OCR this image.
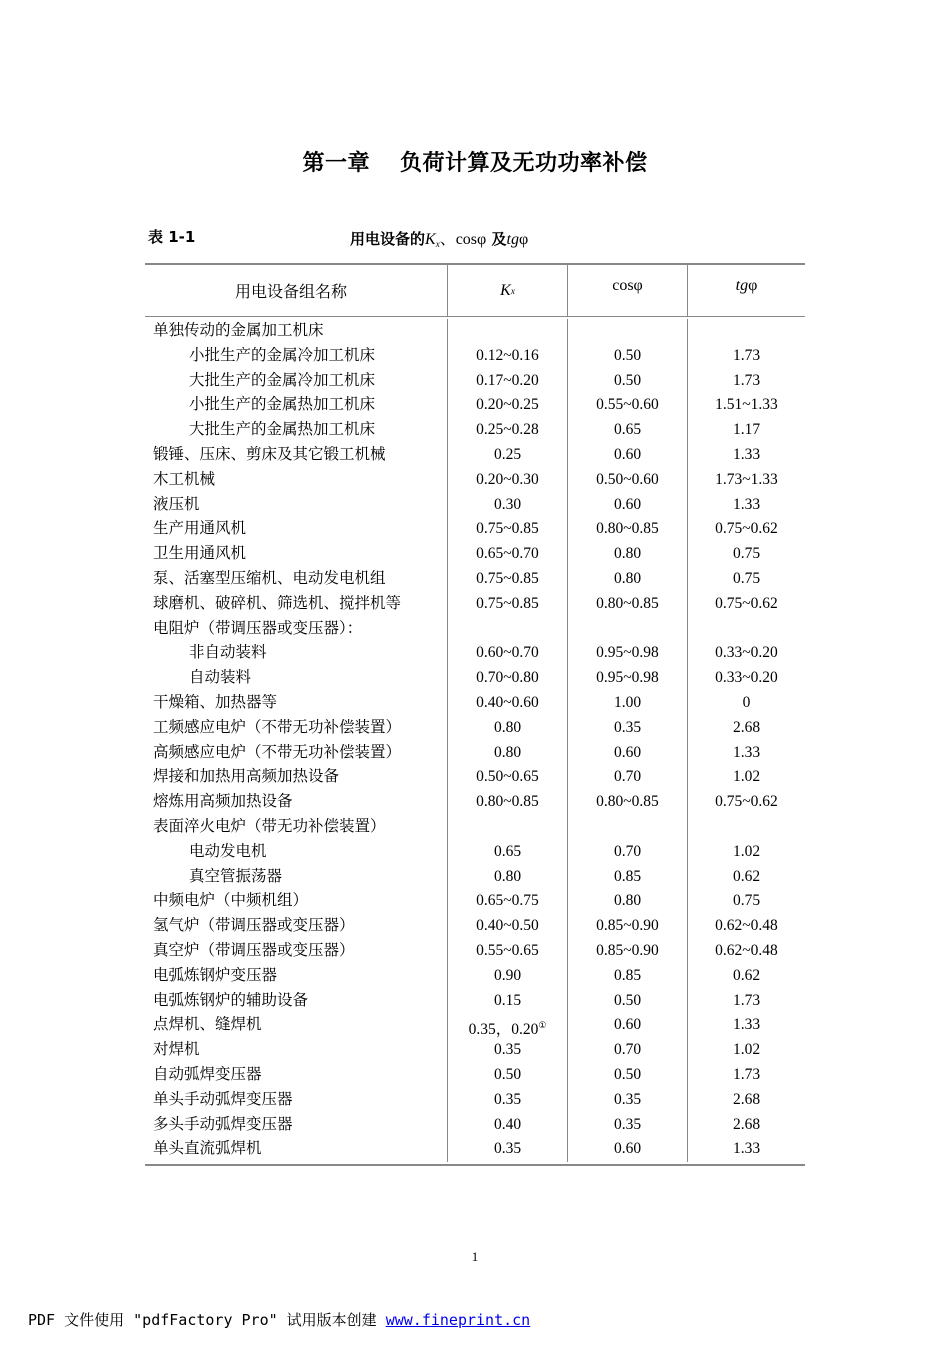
第一章 负荷计算及无功功率补偿
表 1-1	用电设备的$K_x$、cosφ 及tgφ
用电设备组名称	K x	cosφ	tg φ
单独传动的金属加工机床
小批生产的金属冷加工机床	0.12~0.16	0.50	1.73
大批生产的金属冷加工机床	0.17~0.20	0.50	1.73
小批生产的金属热加工机床	0.20~0.25	0.55~0.60	1.51~1.33
大批生产的金属热加工机床	0.25~0.28	0.65	1.17
锻锤、压床、剪床及其它锻工机械	0.25	0.60	1.33
木工机械	0.20~0.30	0.50~0.60	1.73~1.33
液压机	0.30	0.60	1.33
生产用通风机	0.75~0.85	0.80~0.85	0.75~0.62
卫生用通风机	0.65~0.70	0.80	0.75
泵、活塞型压缩机、电动发电机组	0.75~0.85	0.80	0.75
球磨机、破碎机、筛选机、搅拌机等	0.75~0.85	0.80~0.85	0.75~0.62
电阻炉（带调压器或变压器）：
非自动装料	0.60~0.70	0.95~0.98	0.33~0.20
自动装料	0.70~0.80	0.95~0.98	0.33~0.20
干燥箱、加热器等	0.40~0.60	1.00	0
工频感应电炉（不带无功补偿装置）	0.80	0.35	2.68
高频感应电炉（不带无功补偿装置）	0.80	0.60	1.33
焊接和加热用高频加热设备	0.50~0.65	0.70	1.02
熔炼用高频加热设备	0.80~0.85	0.80~0.85	0.75~0.62
表面淬火电炉（带无功补偿装置）
电动发电机	0.65	0.70	1.02
真空管振荡器	0.80	0.85	0.62
中频电炉（中频机组）	0.65~0.75	0.80	0.75
氢气炉（带调压器或变压器）	0.40~0.50	0.85~0.90	0.62~0.48
真空炉（带调压器或变压器）	0.55~0.65	0.85~0.90	0.62~0.48
电弧炼钢炉变压器	0.90	0.85	0.62
电弧炼钢炉的辅助设备	0.15	0.50	1.73
点焊机、缝焊机	0.35，0.20①	0.60	1.33
对焊机	0.35	0.70	1.02
自动弧焊变压器	0.50	0.50	1.73
单头手动弧焊变压器	0.35	0.35	2.68
多头手动弧焊变压器	0.40	0.35	2.68
单头直流弧焊机	0.35	0.60	1.33
1
PDF 文件使用 "pdfFactory Pro" 试用版本创建 www.fineprint.cn
